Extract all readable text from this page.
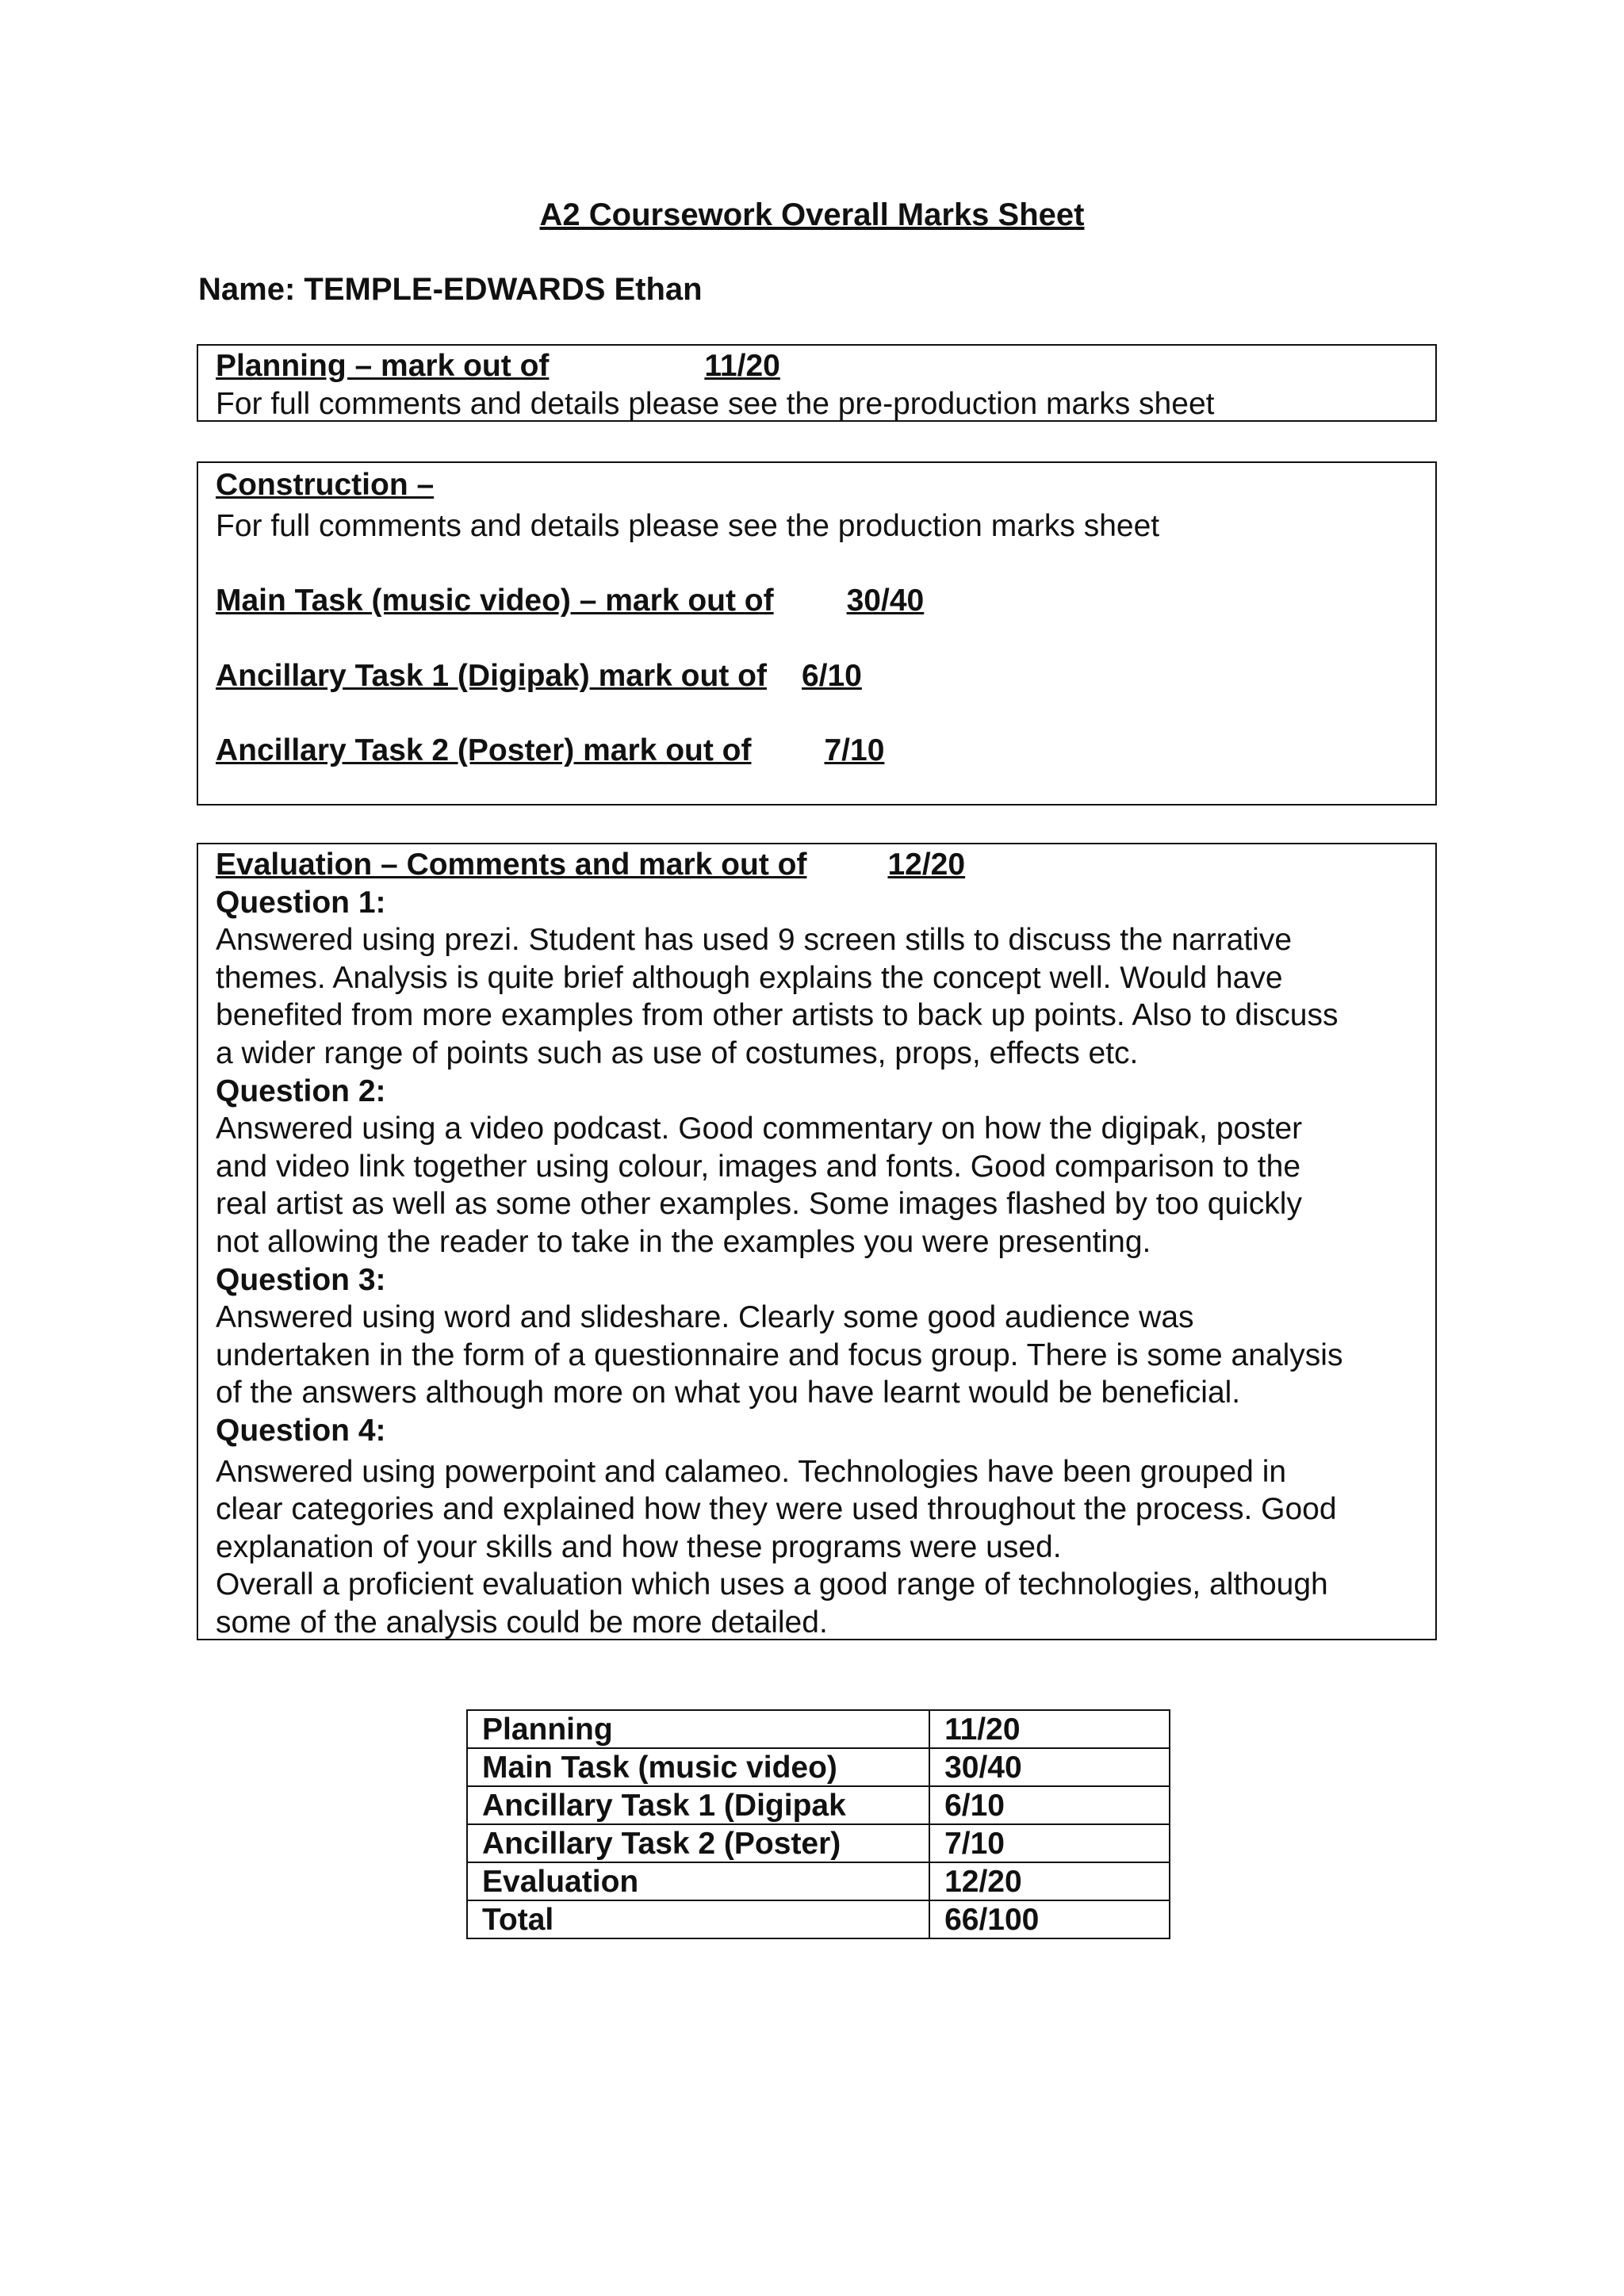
A2 Coursework Overall Marks Sheet
Name: TEMPLE-EDWARDS Ethan
Planning – mark out of	11/20
For full comments and details please see the pre-production marks sheet
Construction –
For full comments and details please see the production marks sheet
Main Task (music video) – mark out of 30/40
Ancillary Task 1 (Digipak) mark out of 6/10
Ancillary Task 2 (Poster) mark out of 7/10
Evaluation – Comments and mark out of	12/20
Question 1:
Answered using prezi. Student has used 9 screen stills to discuss the narrative
themes. Analysis is quite brief although explains the concept well. Would have
benefited from more examples from other artists to back up points. Also to discuss
a wider range of points such as use of costumes, props, effects etc.
Question 2:
Answered using a video podcast. Good commentary on how the digipak, poster
and video link together using colour, images and fonts. Good comparison to the
real artist as well as some other examples. Some images flashed by too quickly
not allowing the reader to take in the examples you were presenting.
Question 3:
Answered using word and slideshare. Clearly some good audience was
undertaken in the form of a questionnaire and focus group. There is some analysis
of the answers although more on what you have learnt would be beneficial.
Question 4:
Answered using powerpoint and calameo. Technologies have been grouped in
clear categories and explained how they were used throughout the process. Good
explanation of your skills and how these programs were used.
Overall a proficient evaluation which uses a good range of technologies, although
some of the analysis could be more detailed.
Planning	11/20
Main Task (music video)	30/40
Ancillary Task 1 (Digipak	6/10
Ancillary Task 2 (Poster)	7/10
Evaluation	12/20
Total	66/100
